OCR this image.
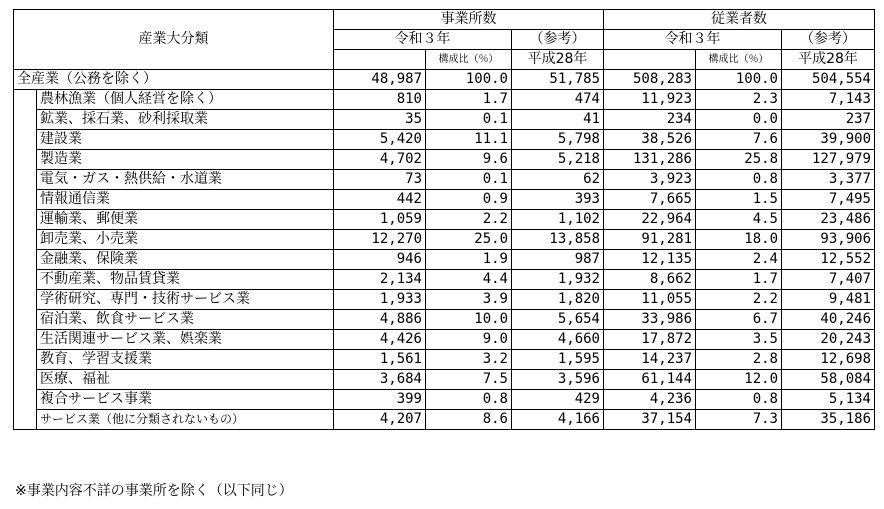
産業大分類		事業所数			従業者数		
		令和３年		（参考）	令和３年		（参考）
			構成比（％）	平成28年		構成比（％）	平成28年
全産業（公務を除く）		48,987	100.0	51,785	508,283	100.0	504,554
	農林漁業（個人経営を除く）	810	1.7	474	11,923	2.3	7,143
	鉱業、採石業、砂利採取業	35	0.1	41	234	0.0	237
	建設業	5,420	11.1	5,798	38,526	7.6	39,900
	製造業	4,702	9.6	5,218	131,286	25.8	127,979
	電気・ガス・熱供給・水道業	73	0.1	62	3,923	0.8	3,377
	情報通信業	442	0.9	393	7,665	1.5	7,495
	運輸業、郵便業	1,059	2.2	1,102	22,964	4.5	23,486
	卸売業、小売業	12,270	25.0	13,858	91,281	18.0	93,906
	金融業、保険業	946	1.9	987	12,135	2.4	12,552
	不動産業、物品賃貸業	2,134	4.4	1,932	8,662	1.7	7,407
	学術研究、専門・技術サービス業	1,933	3.9	1,820	11,055	2.2	9,481
	宿泊業、飲食サービス業	4,886	10.0	5,654	33,986	6.7	40,246
	生活関連サービス業、娯楽業	4,426	9.0	4,660	17,872	3.5	20,243
	教育、学習支援業	1,561	3.2	1,595	14,237	2.8	12,698
	医療、福祉	3,684	7.5	3,596	61,144	12.0	58,084
	複合サービス事業	399	0.8	429	4,236	0.8	5,134
	サービス業（他に分類されないもの）	4,207	8.6	4,166	37,154	7.3	35,186
※事業内容不詳の事業所を除く（以下同じ）
